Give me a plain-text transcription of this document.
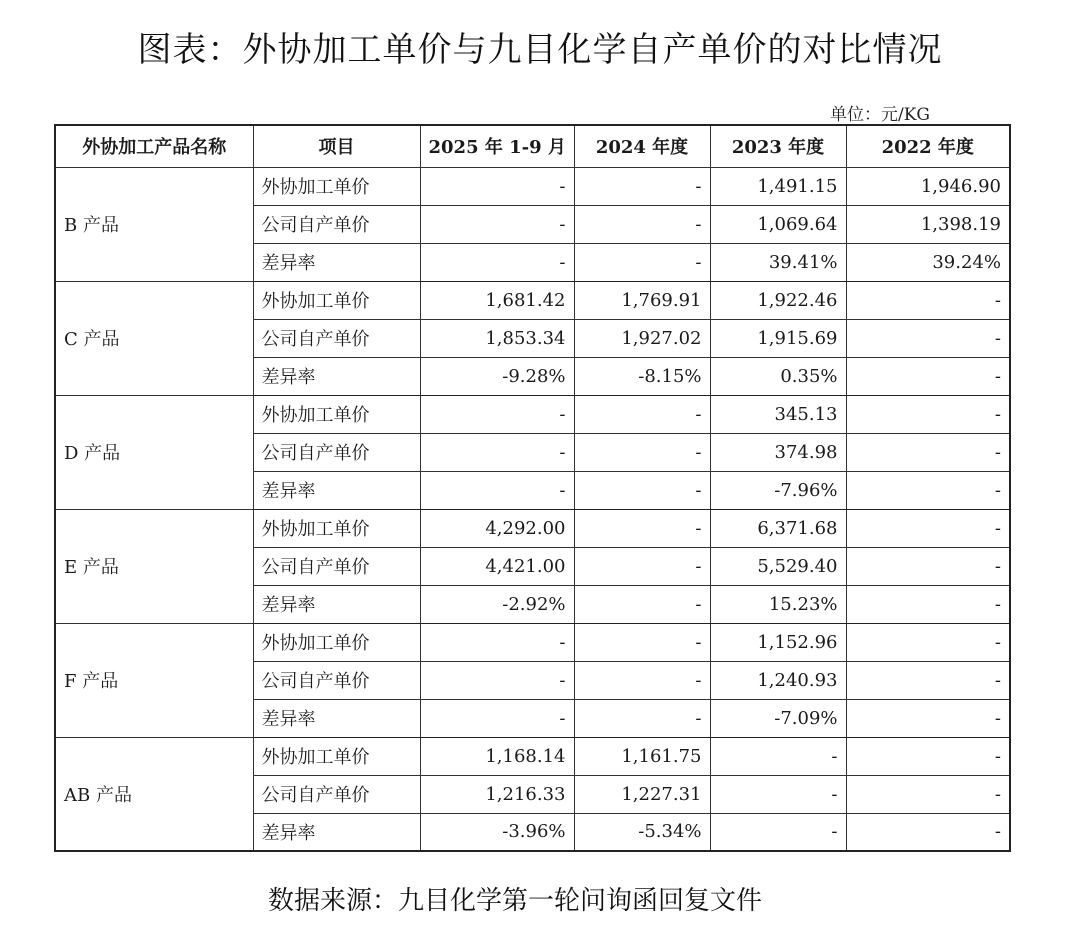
图表：外协加工单价与九目化学自产单价的对比情况
单位：元/KG
外协加工产品名称	项目	2025 年 1-9 月	2024 年度	2023 年度	2022 年度
B 产品	外协加工单价	-	-	1,491.15	1,946.90
	公司自产单价	-	-	1,069.64	1,398.19
	差异率	-	-	39.41%	39.24%
C 产品	外协加工单价	1,681.42	1,769.91	1,922.46	-
	公司自产单价	1,853.34	1,927.02	1,915.69	-
	差异率	-9.28%	-8.15%	0.35%	-
D 产品	外协加工单价	-	-	345.13	-
	公司自产单价	-	-	374.98	-
	差异率	-	-	-7.96%	-
E 产品	外协加工单价	4,292.00	-	6,371.68	-
	公司自产单价	4,421.00	-	5,529.40	-
	差异率	-2.92%	-	15.23%	-
F 产品	外协加工单价	-	-	1,152.96	-
	公司自产单价	-	-	1,240.93	-
	差异率	-	-	-7.09%	-
AB 产品	外协加工单价	1,168.14	1,161.75	-	-
	公司自产单价	1,216.33	1,227.31	-	-
	差异率	-3.96%	-5.34%	-	-
数据来源：九目化学第一轮问询函回复文件
